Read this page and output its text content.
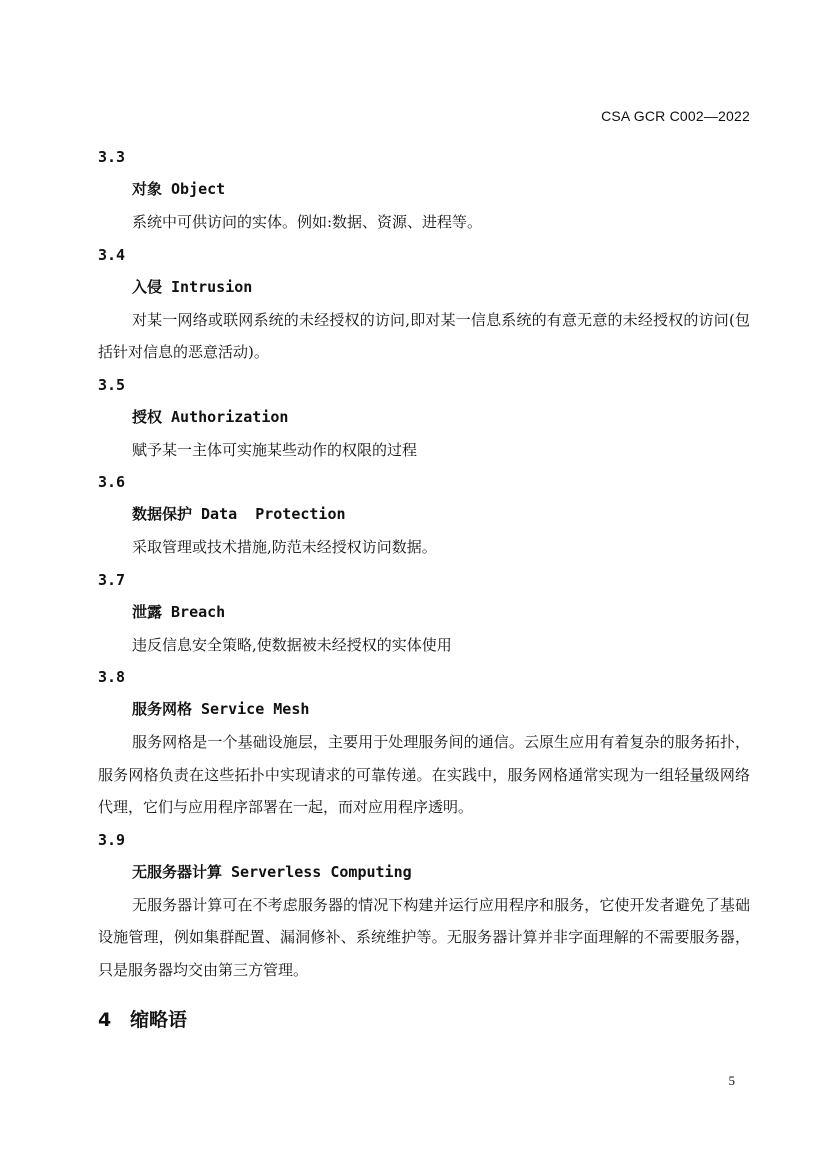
CSA GCR C002—2022
3.3
对象 Object

系统中可供访问的实体。例如:数据、资源、进程等。

3.4
入侵 Intrusion

对某一网络或联网系统的未经授权的访问,即对某一信息系统的有意无意的未经授权的访问(包括针对信息的恶意活动)。

3.5
授权 Authorization

赋予某一主体可实施某些动作的权限的过程

3.6
数据保护 Data  Protection

采取管理或技术措施,防范未经授权访问数据。

3.7
泄露 Breach

违反信息安全策略,使数据被未经授权的实体使用

3.8
服务网格 Service Mesh

服务网格是一个基础设施层，主要用于处理服务间的通信。云原生应用有着复杂的服务拓扑，服务网格负责在这些拓扑中实现请求的可靠传递。在实践中，服务网格通常实现为一组轻量级网络代理，它们与应用程序部署在一起，而对应用程序透明。

3.9
无服务器计算 Serverless Computing

无服务器计算可在不考虑服务器的情况下构建并运行应用程序和服务，它使开发者避免了基础设施管理，例如集群配置、漏洞修补、系统维护等。无服务器计算并非字面理解的不需要服务器，只是服务器均交由第三方管理。

4 缩略语
5
